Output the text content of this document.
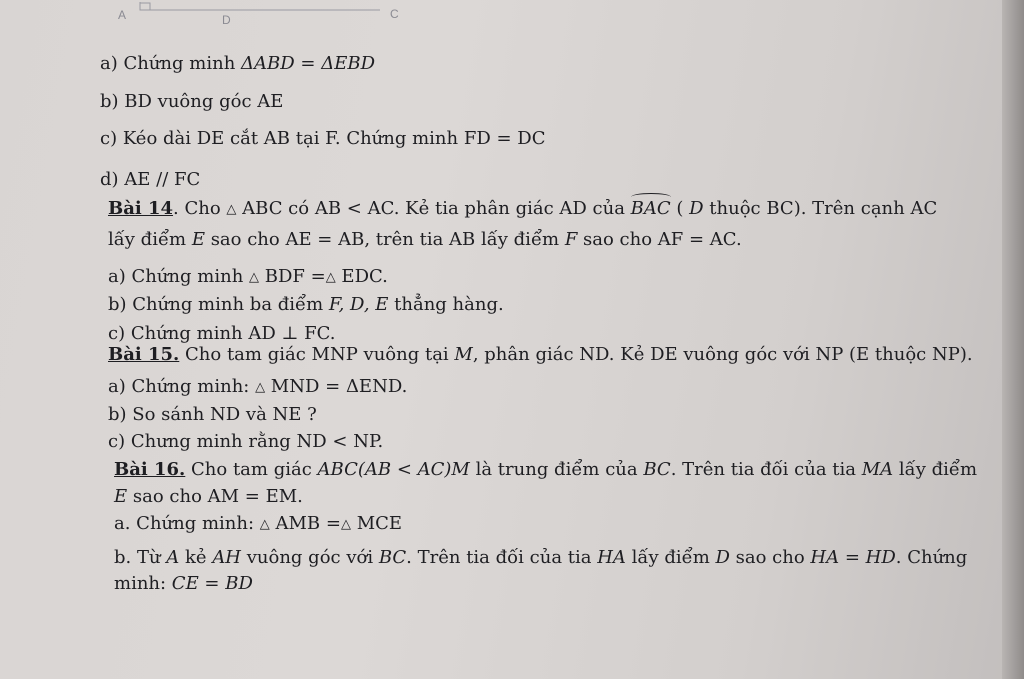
A	D	C
a) Chứng minh ΔABD = ΔEBD
b) BD vuông góc AE
c) Kéo dài DE cắt AB tại F. Chứng minh FD = DC
d) AE // FC
Bài 14. Cho △ ABC có AB < AC. Kẻ tia phân giác AD của BAC ( D thuộc BC). Trên cạnh AC
lấy điểm E sao cho AE = AB, trên tia AB lấy điểm F sao cho AF = AC.
a) Chứng minh △ BDF =△ EDC.
b) Chứng minh ba điểm F, D, E thẳng hàng.
c) Chứng minh AD ⊥ FC.
Bài 15. Cho tam giác MNP vuông tại M, phân giác ND. Kẻ DE vuông góc với NP (E thuộc NP).
a) Chứng minh: △ MND = ΔEND.
b) So sánh ND và NE ?
c) Chưng minh rằng ND < NP.
Bài 16. Cho tam giác ABC(AB < AC)M là trung điểm của BC. Trên tia đối của tia MA lấy điểm
E sao cho AM = EM.
a. Chứng minh: △ AMB =△ MCE
b. Từ A kẻ AH vuông góc với BC. Trên tia đối của tia HA lấy điểm D sao cho HA = HD. Chứng
minh: CE = BD
